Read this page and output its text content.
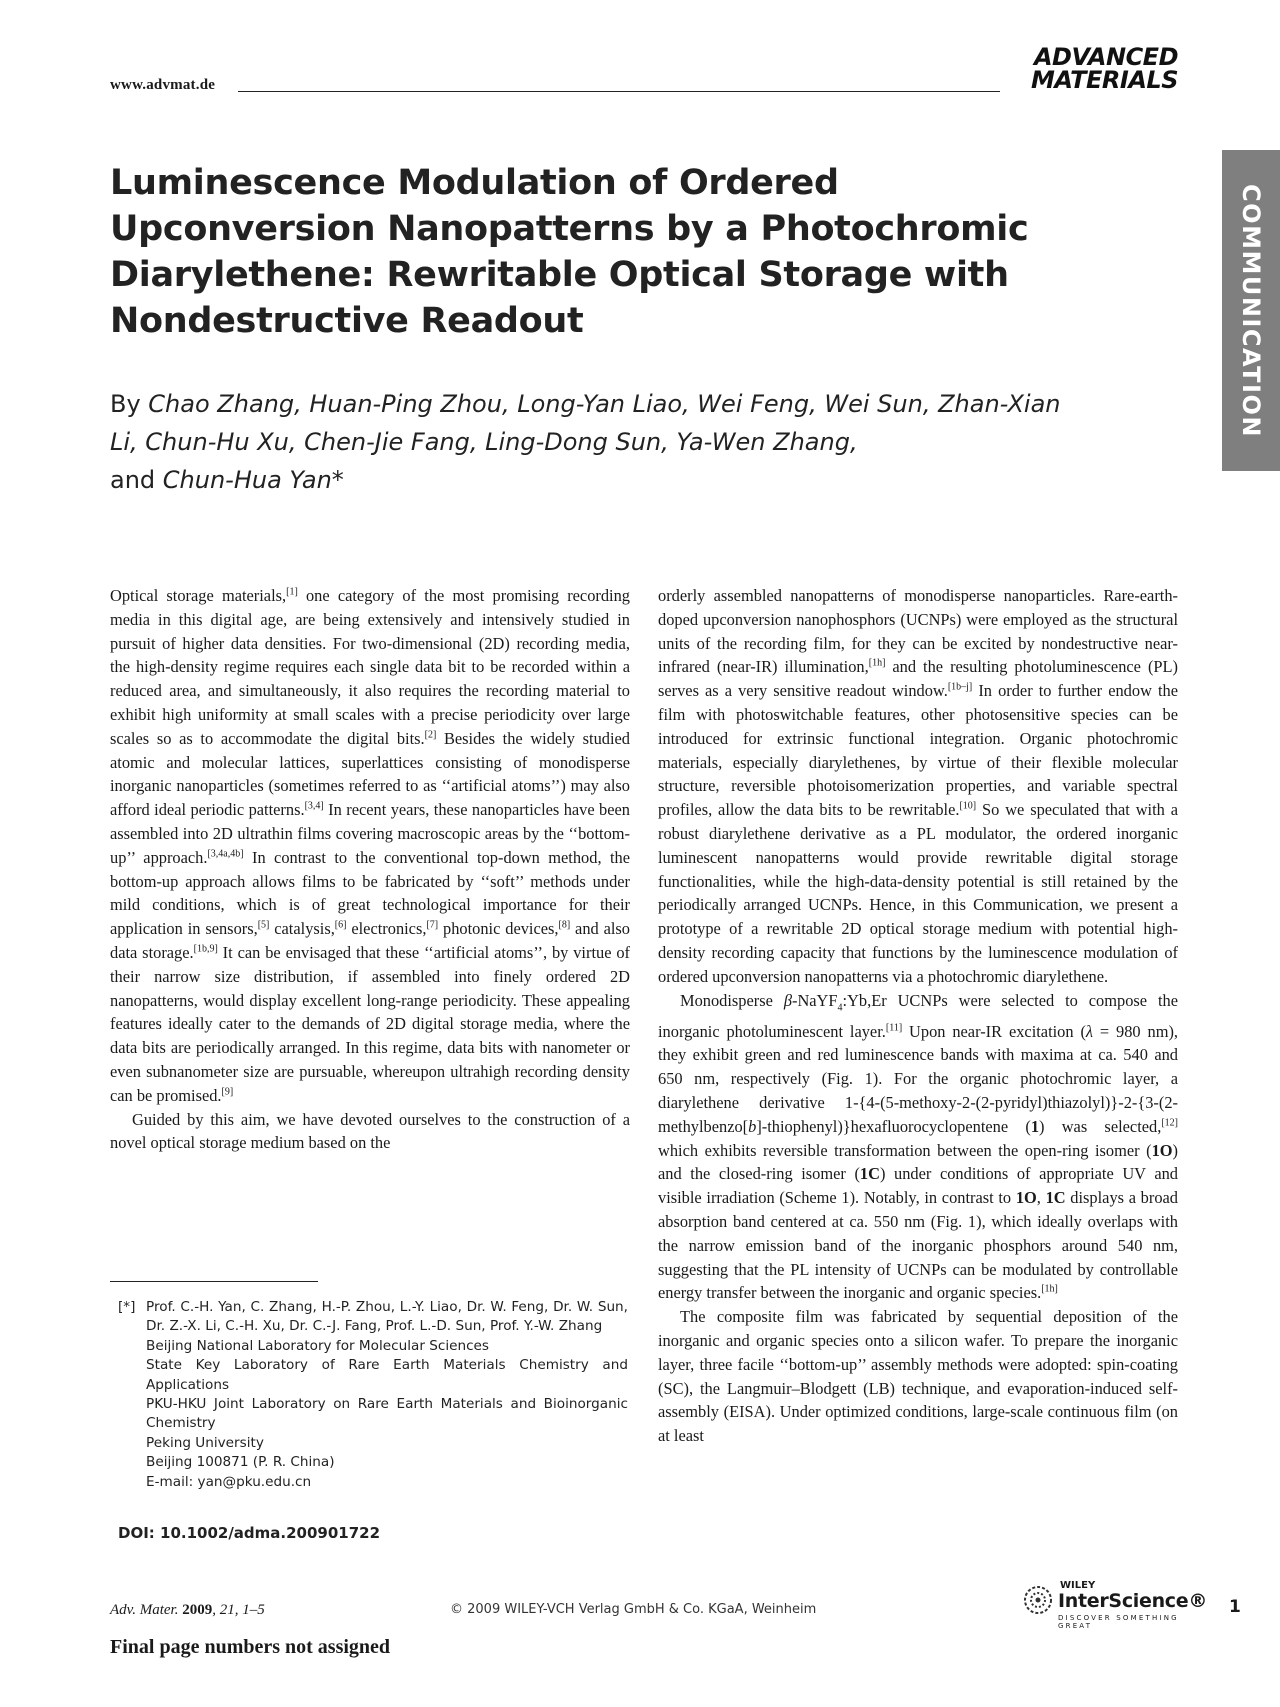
www.advmat.de
ADVANCED
MATERIALS
COMMUNICATION
Luminescence Modulation of Ordered Upconversion Nanopatterns by a Photochromic Diarylethene: Rewritable Optical Storage with Nondestructive Readout
By Chao Zhang, Huan-Ping Zhou, Long-Yan Liao, Wei Feng, Wei Sun, Zhan-Xian Li, Chun-Hu Xu, Chen-Jie Fang, Ling-Dong Sun, Ya-Wen Zhang,
and Chun-Hua Yan*

Optical storage materials,[1] one category of the most promising recording media in this digital age, are being extensively and intensively studied in pursuit of higher data densities. For two-dimensional (2D) recording media, the high-density regime requires each single data bit to be recorded within a reduced area, and simultaneously, it also requires the recording material to exhibit high uniformity at small scales with a precise periodicity over large scales so as to accommodate the digital bits.[2] Besides the widely studied atomic and molecular lattices, superlattices consisting of monodisperse inorganic nanoparticles (sometimes referred to as ‘‘artificial atoms’’) may also afford ideal periodic patterns.[3,4] In recent years, these nanoparticles have been assembled into 2D ultrathin films covering macroscopic areas by the ‘‘bottom-up’’ approach.[3,4a,4b] In contrast to the conventional top-down method, the bottom-up approach allows films to be fabricated by ‘‘soft’’ methods under mild conditions, which is of great technological importance for their application in sensors,[5] catalysis,[6] electronics,[7] photonic devices,[8] and also data storage.[1b,9] It can be envisaged that these ‘‘artificial atoms’’, by virtue of their narrow size distribution, if assembled into finely ordered 2D nanopatterns, would display excellent long-range periodicity. These appealing features ideally cater to the demands of 2D digital storage media, where the data bits are periodically arranged. In this regime, data bits with nanometer or even subnanometer size are pursuable, whereupon ultrahigh recording density can be promised.[9]

Guided by this aim, we have devoted ourselves to the construction of a novel optical storage medium based on the

[*] Prof. C.-H. Yan, C. Zhang, H.-P. Zhou, L.-Y. Liao, Dr. W. Feng, Dr. W. Sun, Dr. Z.-X. Li, C.-H. Xu, Dr. C.-J. Fang, Prof. L.-D. Sun, Prof. Y.-W. Zhang
Beijing National Laboratory for Molecular Sciences
State Key Laboratory of Rare Earth Materials Chemistry and Applications
PKU-HKU Joint Laboratory on Rare Earth Materials and Bioinorganic Chemistry
Peking University
Beijing 100871 (P. R. China)
E-mail: yan@pku.edu.cn
DOI: 10.1002/adma.200901722

orderly assembled nanopatterns of monodisperse nanoparticles. Rare-earth-doped upconversion nanophosphors (UCNPs) were employed as the structural units of the recording film, for they can be excited by nondestructive near-infrared (near-IR) illumination,[1h] and the resulting photoluminescence (PL) serves as a very sensitive readout window.[1b–j] In order to further endow the film with photoswitchable features, other photosensitive species can be introduced for extrinsic functional integration. Organic photochromic materials, especially diarylethenes, by virtue of their flexible molecular structure, reversible photoisomerization properties, and variable spectral profiles, allow the data bits to be rewritable.[10] So we speculated that with a robust diarylethene derivative as a PL modulator, the ordered inorganic luminescent nanopatterns would provide rewritable digital storage functionalities, while the high-data-density potential is still retained by the periodically arranged UCNPs. Hence, in this Communication, we present a prototype of a rewritable 2D optical storage medium with potential high-density recording capacity that functions by the luminescence modulation of ordered upconversion nanopatterns via a photochromic diarylethene.

Monodisperse β-NaYF$_4$:Yb,Er UCNPs were selected to compose the inorganic photoluminescent layer.[11] Upon near-IR excitation (λ = 980 nm), they exhibit green and red luminescence bands with maxima at ca. 540 and 650 nm, respectively (Fig. 1). For the organic photochromic layer, a diarylethene derivative 1-{4-(5-methoxy-2-(2-pyridyl)thiazolyl)}-2-{3-(2-methylbenzo[b]-thiophenyl)}hexafluorocyclopentene (1) was selected,[12] which exhibits reversible transformation between the open-ring isomer (1O) and the closed-ring isomer (1C) under conditions of appropriate UV and visible irradiation (Scheme 1). Notably, in contrast to 1O, 1C displays a broad absorption band centered at ca. 550 nm (Fig. 1), which ideally overlaps with the narrow emission band of the inorganic phosphors around 540 nm, suggesting that the PL intensity of UCNPs can be modulated by controllable energy transfer between the inorganic and organic species.[1h]

The composite film was fabricated by sequential deposition of the inorganic and organic species onto a silicon wafer. To prepare the inorganic layer, three facile ‘‘bottom-up’’ assembly methods were adopted: spin-coating (SC), the Langmuir–Blodgett (LB) technique, and evaporation-induced self-assembly (EISA). Under optimized conditions, large-scale continuous film (on at least

Adv. Mater. 2009, 21, 1–5	© 2009 WILEY-VCH Verlag GmbH & Co. KGaA, Weinheim
WILEY
InterScience®
DISCOVER SOMETHING GREAT
1
Final page numbers not assigned
